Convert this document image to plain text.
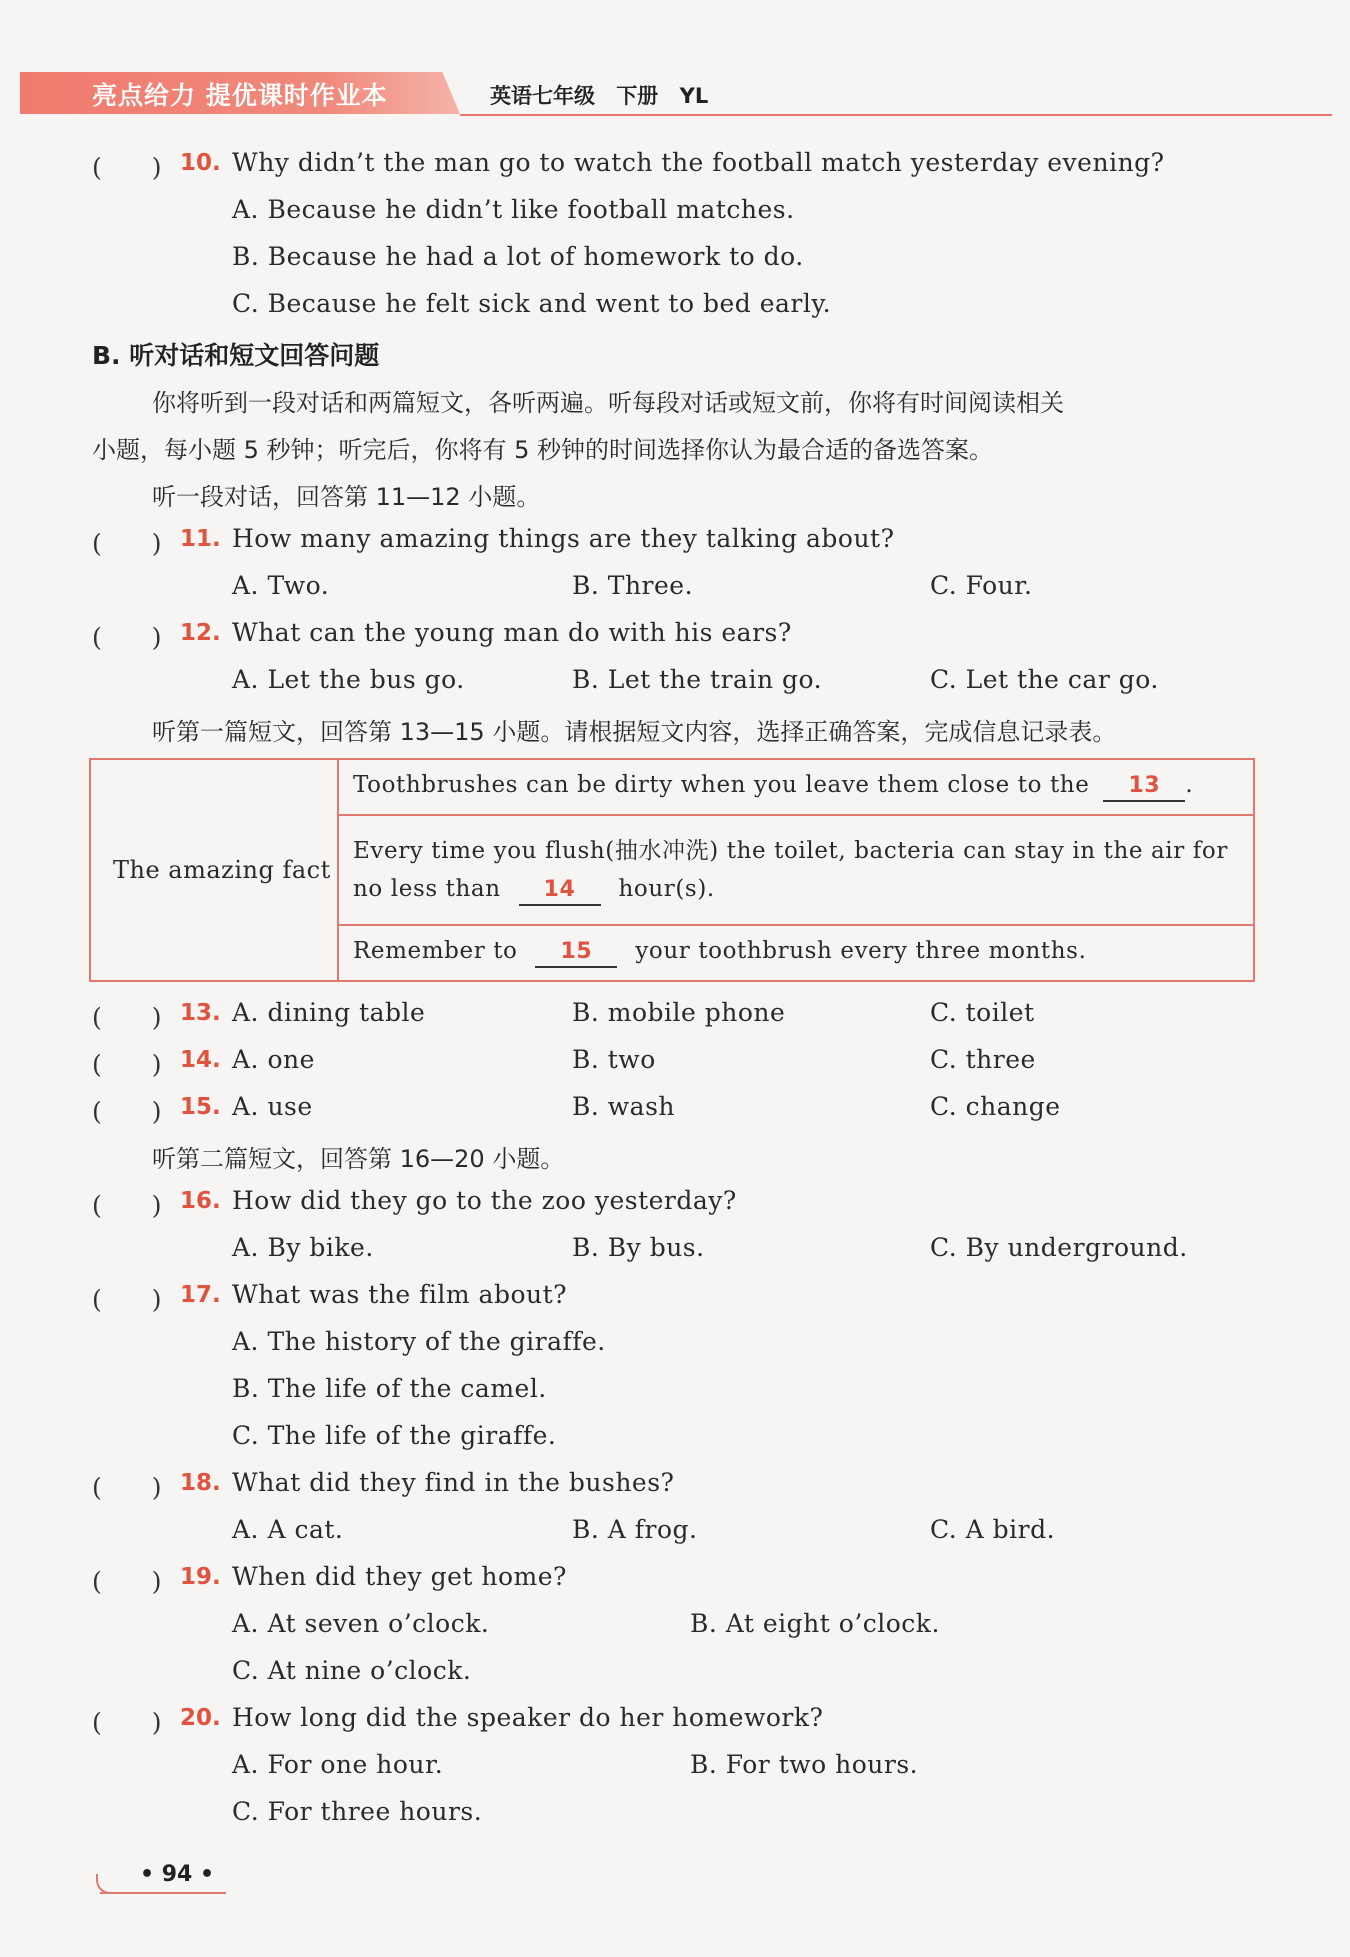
亮点给力 提优课时作业本	英语七年级 下册 YL
(　　) 10. Why didn’t the man go to watch the football match yesterday evening?
A. Because he didn’t like football matches.
B. Because he had a lot of homework to do.
C. Because he felt sick and went to bed early.
B. 听对话和短文回答问题
你将听到一段对话和两篇短文，各听两遍。听每段对话或短文前，你将有时间阅读相关
小题，每小题 5 秒钟；听完后，你将有 5 秒钟的时间选择你认为最合适的备选答案。
听一段对话，回答第 11—12 小题。
(　　) 11. How many amazing things are they talking about?
A. Two.	B. Three.	C. Four.
(　　) 12. What can the young man do with his ears?
A. Let the bus go.	B. Let the train go.	C. Let the car go.
听第一篇短文，回答第 13—15 小题。请根据短文内容，选择正确答案，完成信息记录表。
The amazing fact
Toothbrushes can be dirty when you leave them close to the 13 .
Every time you flush(抽水冲洗) the toilet, bacteria can stay in the air for
no less than 14 hour(s).
Remember to 15 your toothbrush every three months.
(　　) 13. A. dining table	B. mobile phone	C. toilet
(　　) 14. A. one	B. two	C. three
(　　) 15. A. use	B. wash	C. change
听第二篇短文，回答第 16—20 小题。
(　　) 16. How did they go to the zoo yesterday?
A. By bike.	B. By bus.	C. By underground.
(　　) 17. What was the film about?
A. The history of the giraffe.
B. The life of the camel.
C. The life of the giraffe.
(　　) 18. What did they find in the bushes?
A. A cat.	B. A frog.	C. A bird.
(　　) 19. When did they get home?
A. At seven o’clock.	B. At eight o’clock.
C. At nine o’clock.
(　　) 20. How long did the speaker do her homework?
A. For one hour.	B. For two hours.
C. For three hours.
• 94 •
